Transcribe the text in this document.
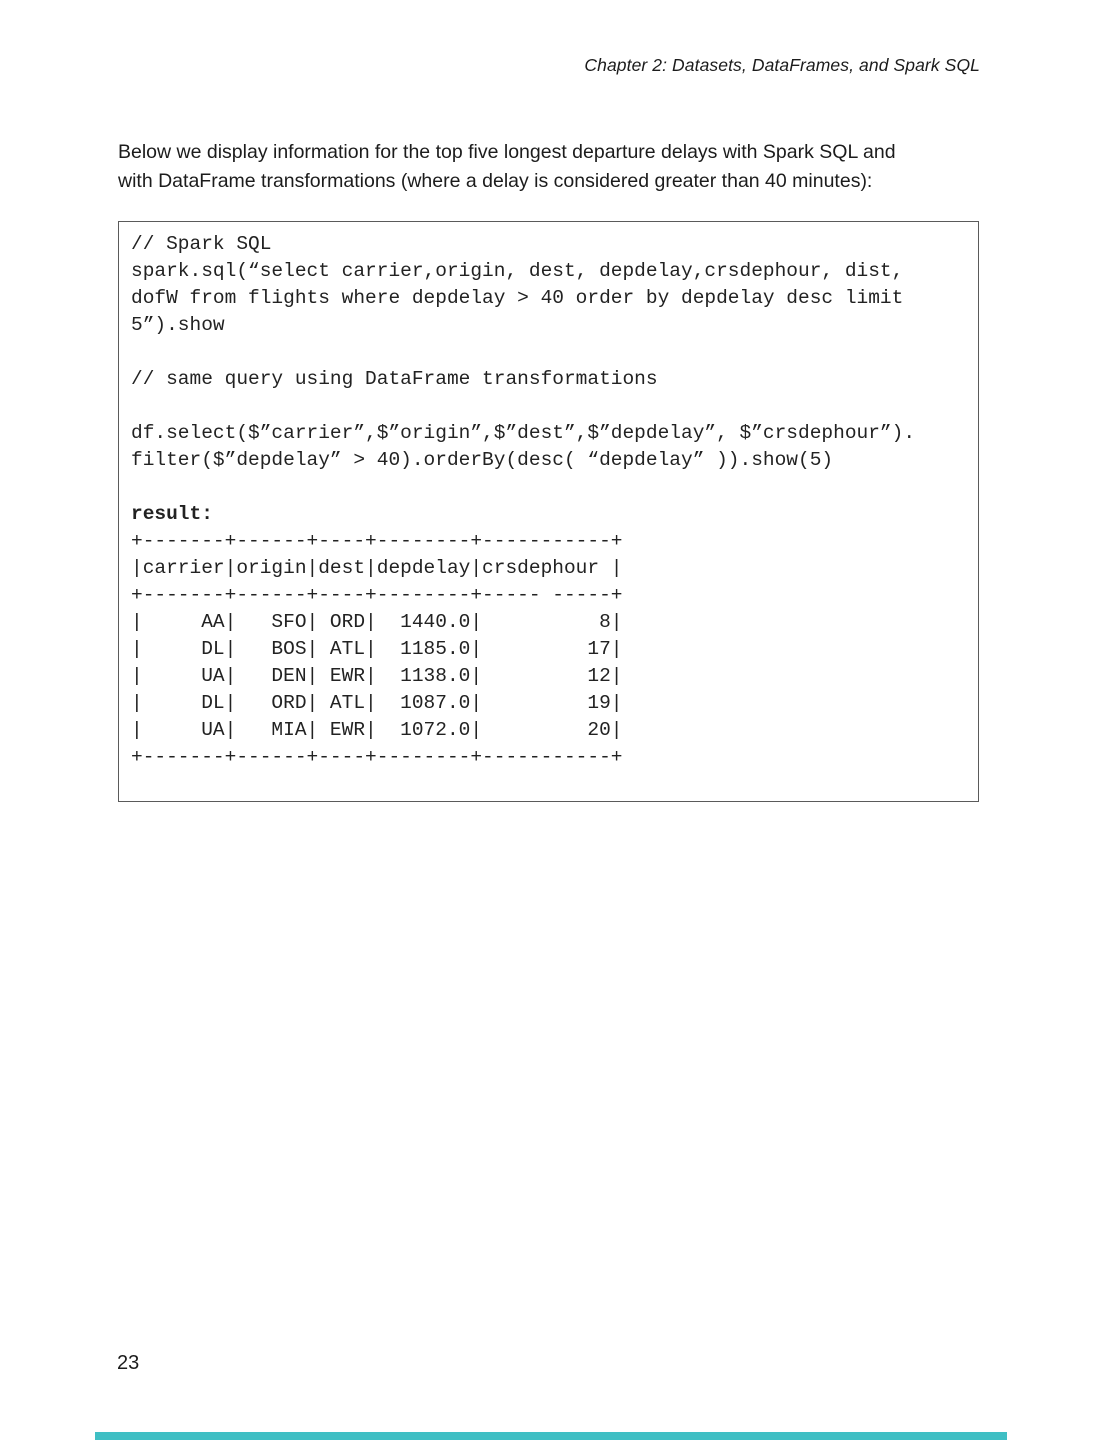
Chapter 2: Datasets, DataFrames, and Spark SQL
Below we display information for the top five longest departure delays with Spark SQL and
with DataFrame transformations (where a delay is considered greater than 40 minutes):
// Spark SQL
spark.sql(“select carrier,origin, dest, depdelay,crsdephour, dist,
dofW from flights where depdelay > 40 order by depdelay desc limit
5”).show

// same query using DataFrame transformations

df.select($”carrier”,$”origin”,$”dest”,$”depdelay”, $”crsdephour”).
filter($”depdelay” > 40).orderBy(desc( “depdelay” )).show(5)

result:
+-------+------+----+--------+-----------+
|carrier|origin|dest|depdelay|crsdephour |
+-------+------+----+--------+----- -----+
|     AA|   SFO| ORD|  1440.0|          8|
|     DL|   BOS| ATL|  1185.0|         17|
|     UA|   DEN| EWR|  1138.0|         12|
|     DL|   ORD| ATL|  1087.0|         19|
|     UA|   MIA| EWR|  1072.0|         20|
+-------+------+----+--------+-----------+
23
